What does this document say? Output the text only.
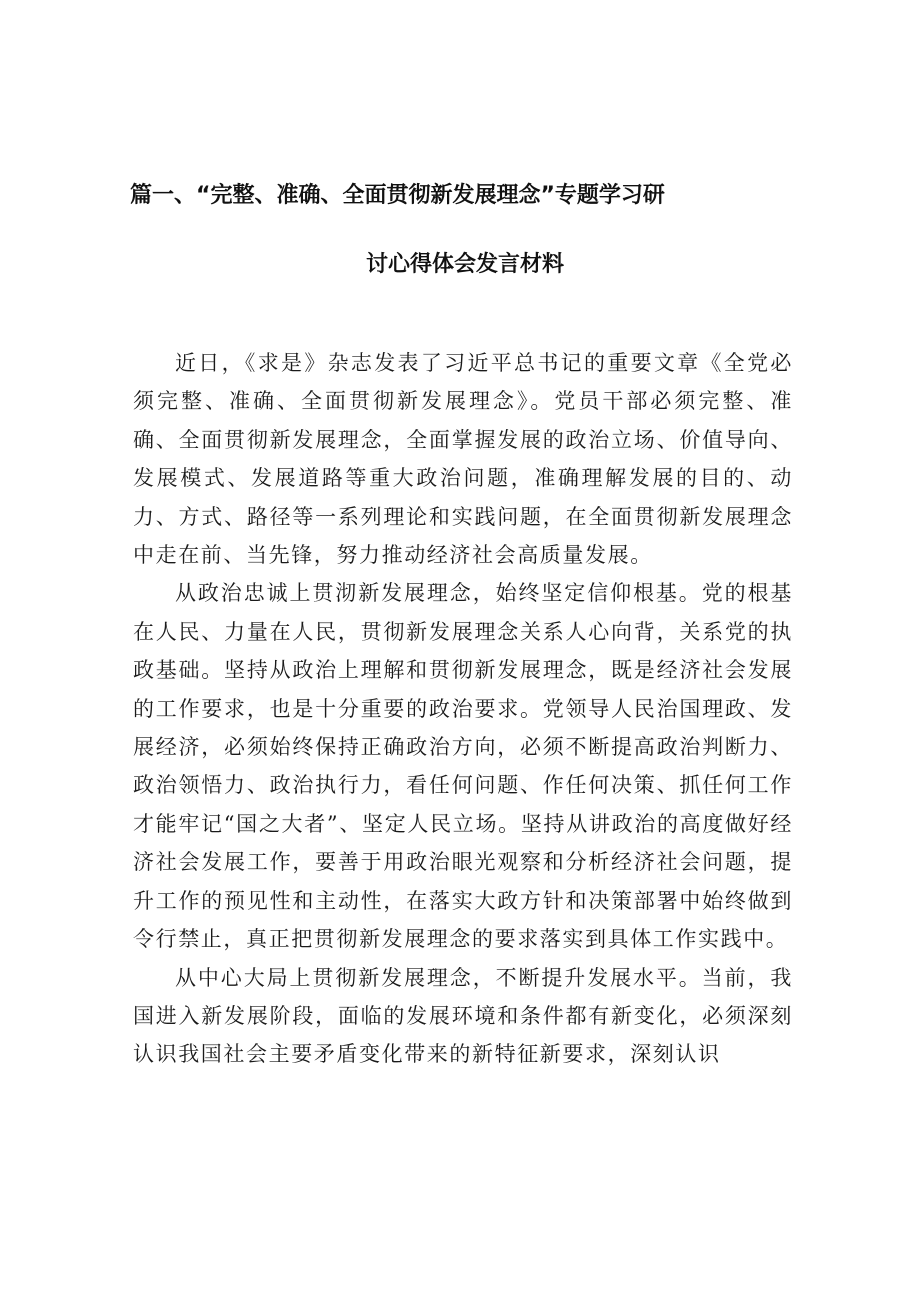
篇一、“完整、准确、全面贯彻新发展理念”专题学习研
讨心得体会发言材料

近日，《求是》杂志发表了习近平总书记的重要文章《全党必须完整、准确、全面贯彻新发展理念》。党员干部必须完整、准确、全面贯彻新发展理念，全面掌握发展的政治立场、价值导向、发展模式、发展道路等重大政治问题，准确理解发展的目的、动力、方式、路径等一系列理论和实践问题，在全面贯彻新发展理念中走在前、当先锋，努力推动经济社会高质量发展。

从政治忠诚上贯沏新发展理念，始终坚定信仰根基。党的根基在人民、力量在人民，贯彻新发展理念关系人心向背，关系党的执政基础。坚持从政治上理解和贯彻新发展理念，既是经济社会发展的工作要求，也是十分重要的政治要求。党领导人民治国理政、发展经济，必须始终保持正确政治方向，必须不断提高政治判断力、政治领悟力、政治执行力，看任何问题、作任何决策、抓任何工作才能牢记“国之大者”、坚定人民立场。坚持从讲政治的高度做好经济社会发展工作，要善于用政治眼光观察和分析经济社会问题，提升工作的预见性和主动性，在落实大政方针和决策部署中始终做到令行禁止，真正把贯彻新发展理念的要求落实到具体工作实践中。

从中心大局上贯彻新发展理念，不断提升发展水平。当前，我国进入新发展阶段，面临的发展环境和条件都有新变化，必须深刻认识我国社会主要矛盾变化带来的新特征新要求，深刻认识
